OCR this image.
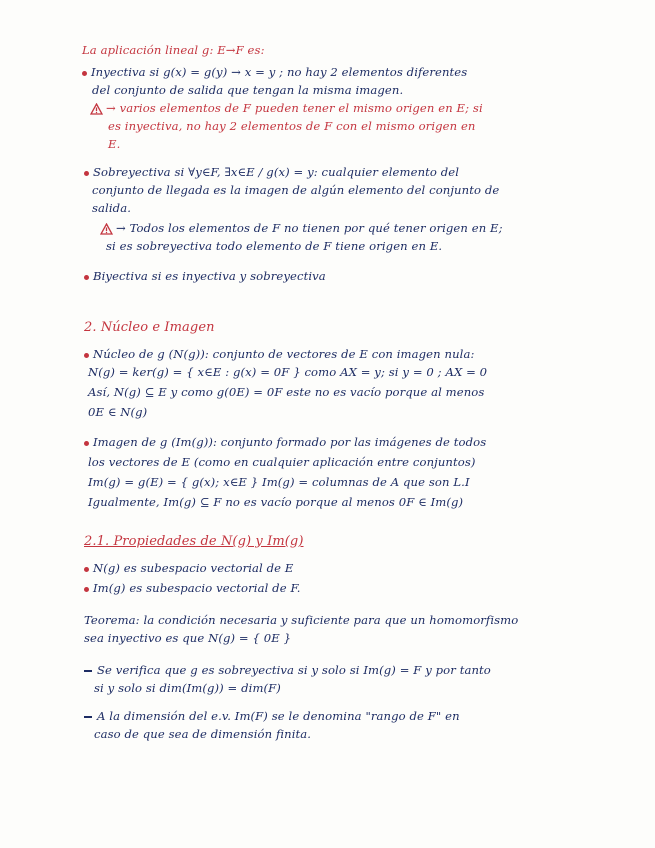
La aplicación lineal g: E→F es:
Inyectiva si g(x) = g(y) → x = y ; no hay 2 elementos diferentes
del conjunto de salida que tengan la misma imagen.
→ varios elementos de F pueden tener el mismo origen en E; si
es inyectiva, no hay 2 elementos de F con el mismo origen en
E.
Sobreyectiva si ∀y∈F, ∃x∈E / g(x) = y: cualquier elemento del
conjunto de llegada es la imagen de algún elemento del conjunto de
salida.
→ Todos los elementos de F no tienen por qué tener origen en E;
si es sobreyectiva todo elemento de F tiene origen en E.
Biyectiva si es inyectiva y sobreyectiva
2. Núcleo e Imagen
Núcleo de g (N(g)): conjunto de vectores de E con imagen nula:
N(g) = ker(g) = { x∈E : g(x) = 0F } como AX = y; si y = 0 ; AX = 0
Así, N(g) ⊆ E y como g(0E) = 0F este no es vacío porque al menos
0E ∈ N(g)
Imagen de g (Im(g)): conjunto formado por las imágenes de todos
los vectores de E (como en cualquier aplicación entre conjuntos)
Im(g) = g(E) = { g(x); x∈E } Im(g) = columnas de A que son L.I
Igualmente, Im(g) ⊆ F no es vacío porque al menos 0F ∈ Im(g)
2.1. Propiedades de N(g) y Im(g)
N(g) es subespacio vectorial de E
Im(g) es subespacio vectorial de F.
Teorema: la condición necesaria y suficiente para que un homomorfismo
sea inyectivo es que N(g) = { 0E }
Se verifica que g es sobreyectiva si y solo si Im(g) = F y por tanto
si y solo si dim(Im(g)) = dim(F)
A la dimensión del e.v. Im(F) se le denomina "rango de F" en
caso de que sea de dimensión finita.
